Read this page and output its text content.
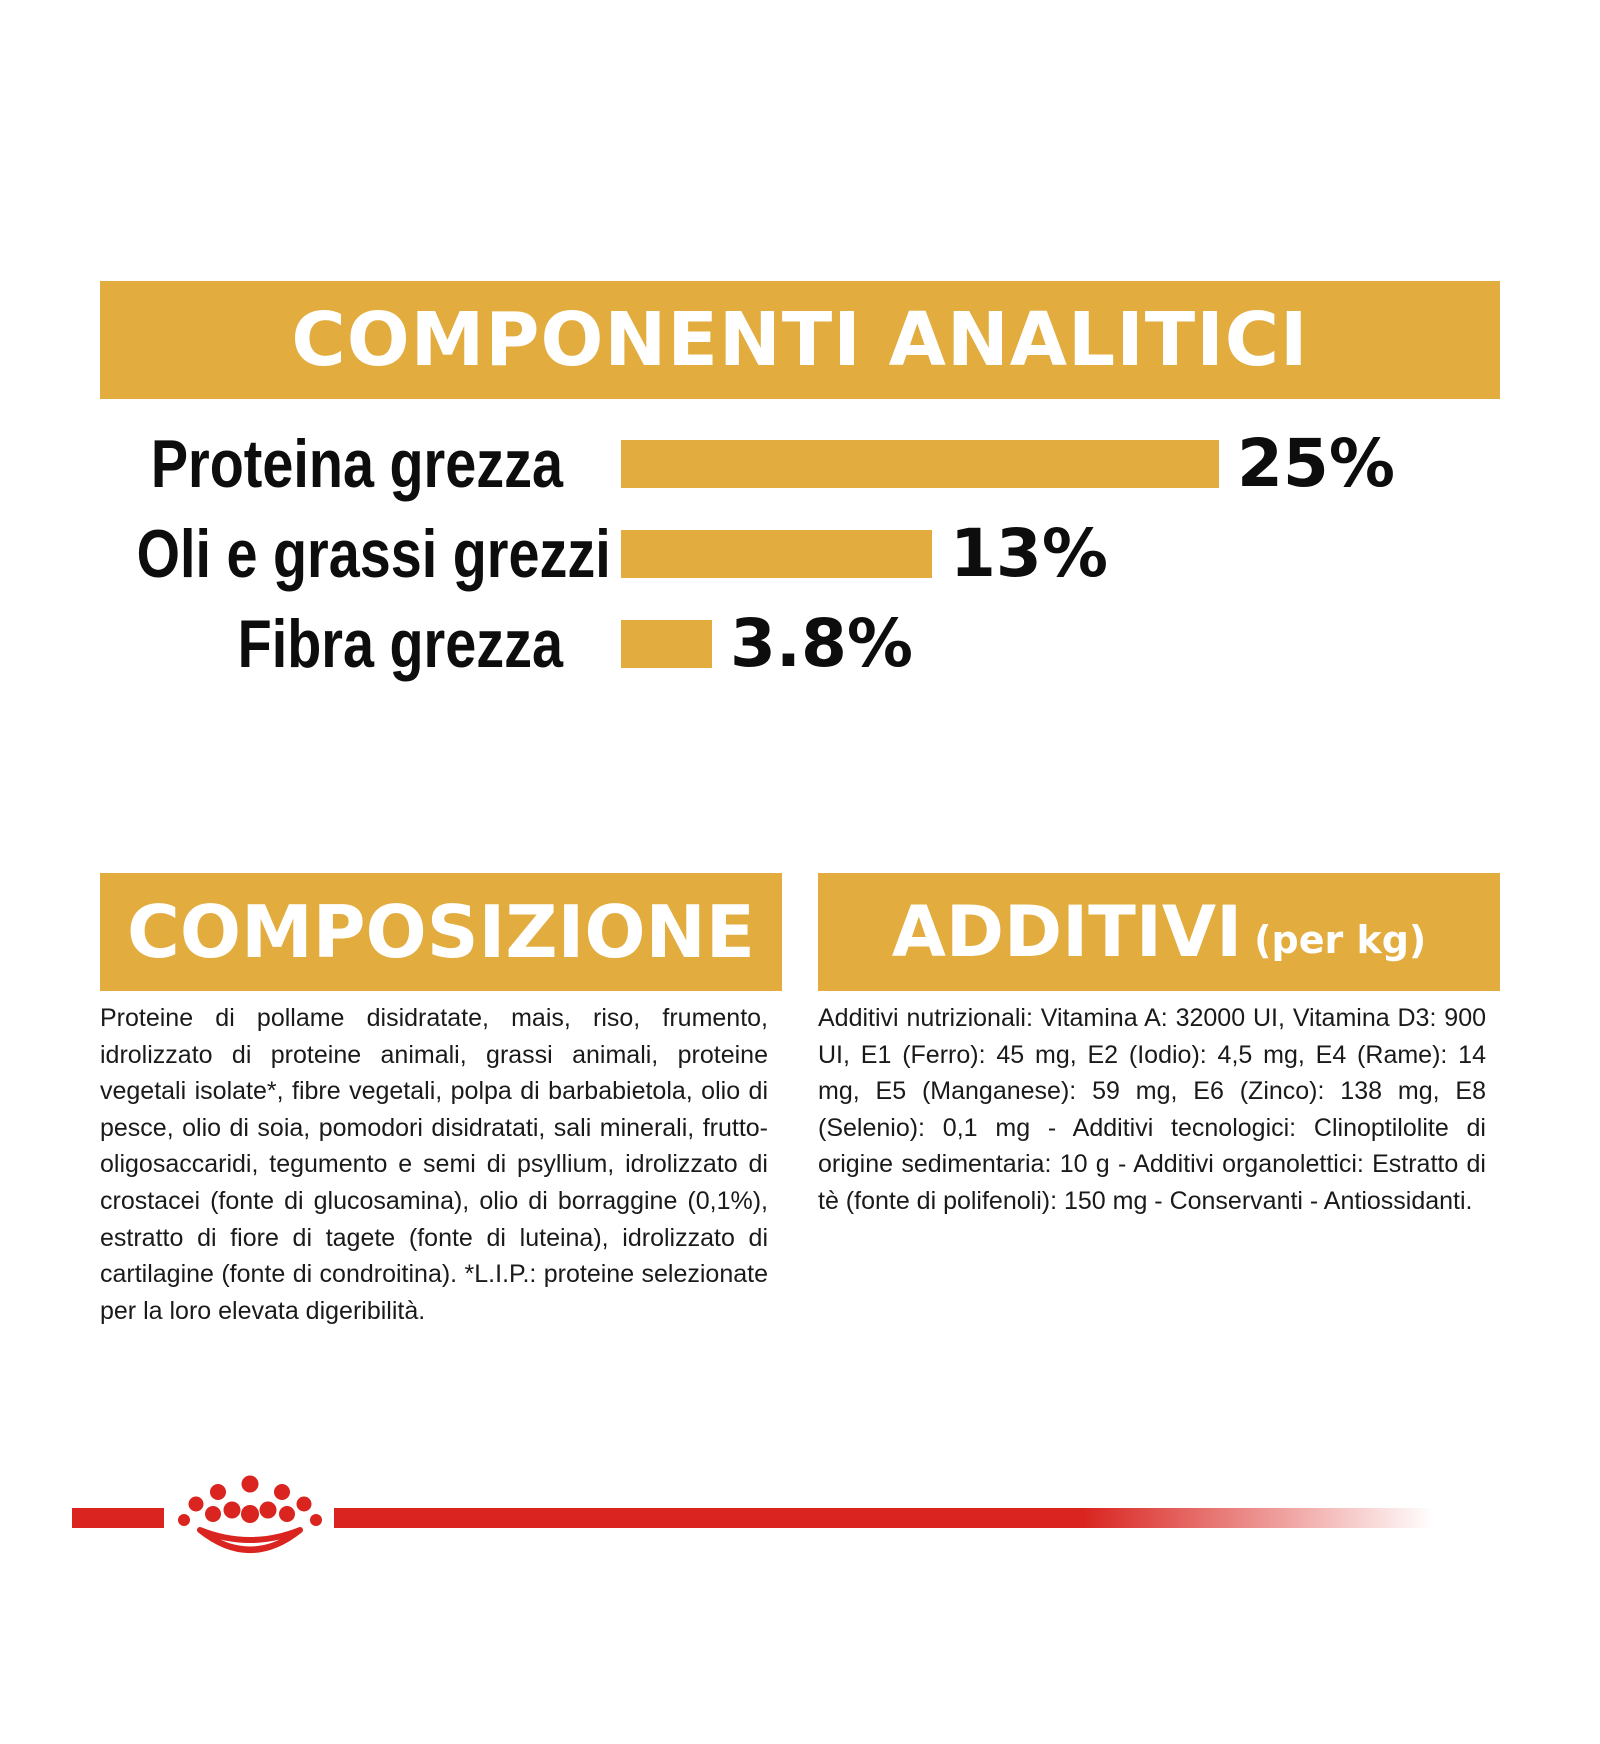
COMPONENTI ANALITICI
Proteina grezza	25%
Oli e grassi grezzi	13%
Fibra grezza	3.8%
COMPOSIZIONE ADDITIVI (per kg)
Proteine di pollame disidratate, mais, riso, frumento, idrolizzato di proteine animali, grassi animali, proteine vegetali isolate*, fibre vegetali, polpa di barbabietola, olio di pesce, olio di soia, pomodori disidratati, sali minerali, frutto-oligosaccaridi, tegumento e semi di psyllium, idrolizzato di crostacei (fonte di glucosamina), olio di borraggine (0,1%), estratto di fiore di tagete (fonte di luteina), idrolizzato di cartilagine (fonte di condroitina). *L.I.P.: proteine selezionate per la loro elevata digeribilità.
Additivi nutrizionali: Vitamina A: 32000 UI, Vitamina D3: 900 UI, E1 (Ferro): 45 mg, E2 (Iodio): 4,5 mg, E4 (Rame): 14 mg, E5 (Manganese): 59 mg, E6 (Zinco): 138 mg, E8 (Selenio): 0,1 mg - Additivi tecnologici: Clinoptilolite di origine sedimentaria: 10 g - Additivi organolettici: Estratto di tè (fonte di polifenoli): 150 mg - Conservanti - Antiossidanti.
